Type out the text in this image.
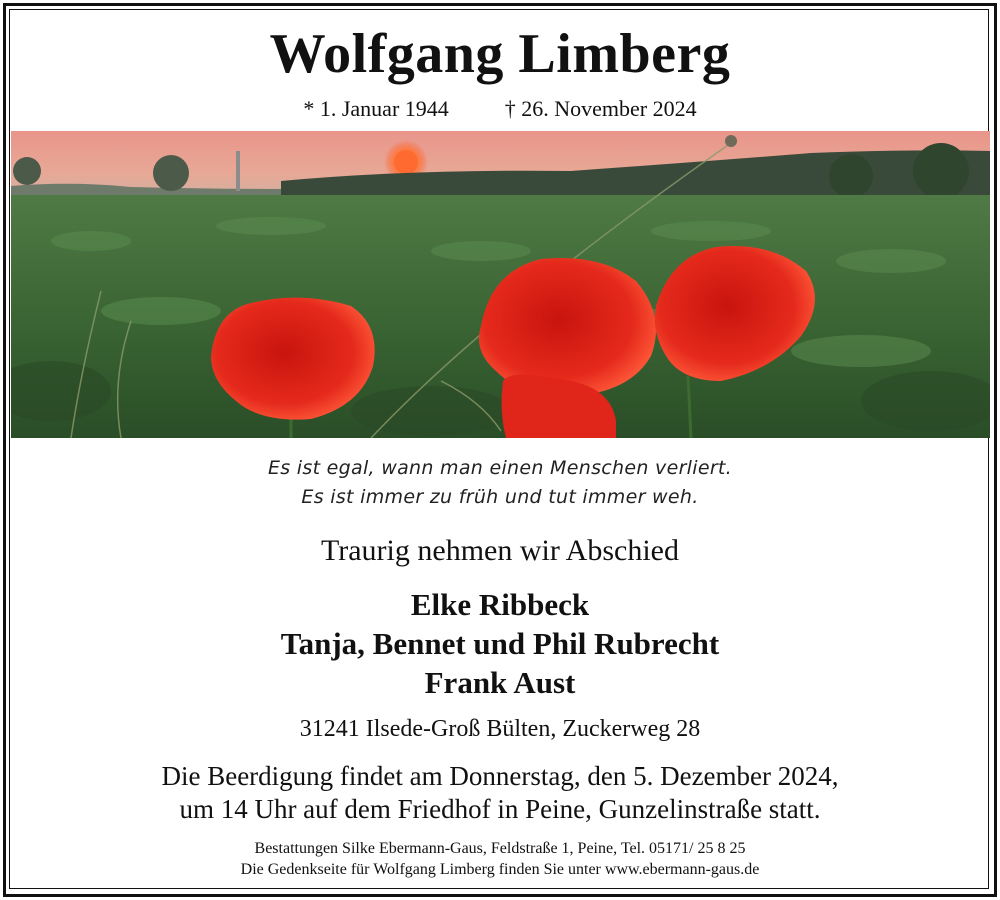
Wolfgang Limberg
* 1. Januar 1944	† 26. November 2024
Es ist egal, wann man einen Menschen verliert.
Es ist immer zu früh und tut immer weh.
Traurig nehmen wir Abschied
Elke Ribbeck
Tanja, Bennet und Phil Rubrecht
Frank Aust
31241 Ilsede-Groß Bülten, Zuckerweg 28
Die Beerdigung findet am Donnerstag, den 5. Dezember 2024,
um 14 Uhr auf dem Friedhof in Peine, Gunzelinstraße statt.
Bestattungen Silke Ebermann-Gaus, Feldstraße 1, Peine, Tel. 05171/ 25 8 25
Die Gedenkseite für Wolfgang Limberg finden Sie unter www.ebermann-gaus.de
